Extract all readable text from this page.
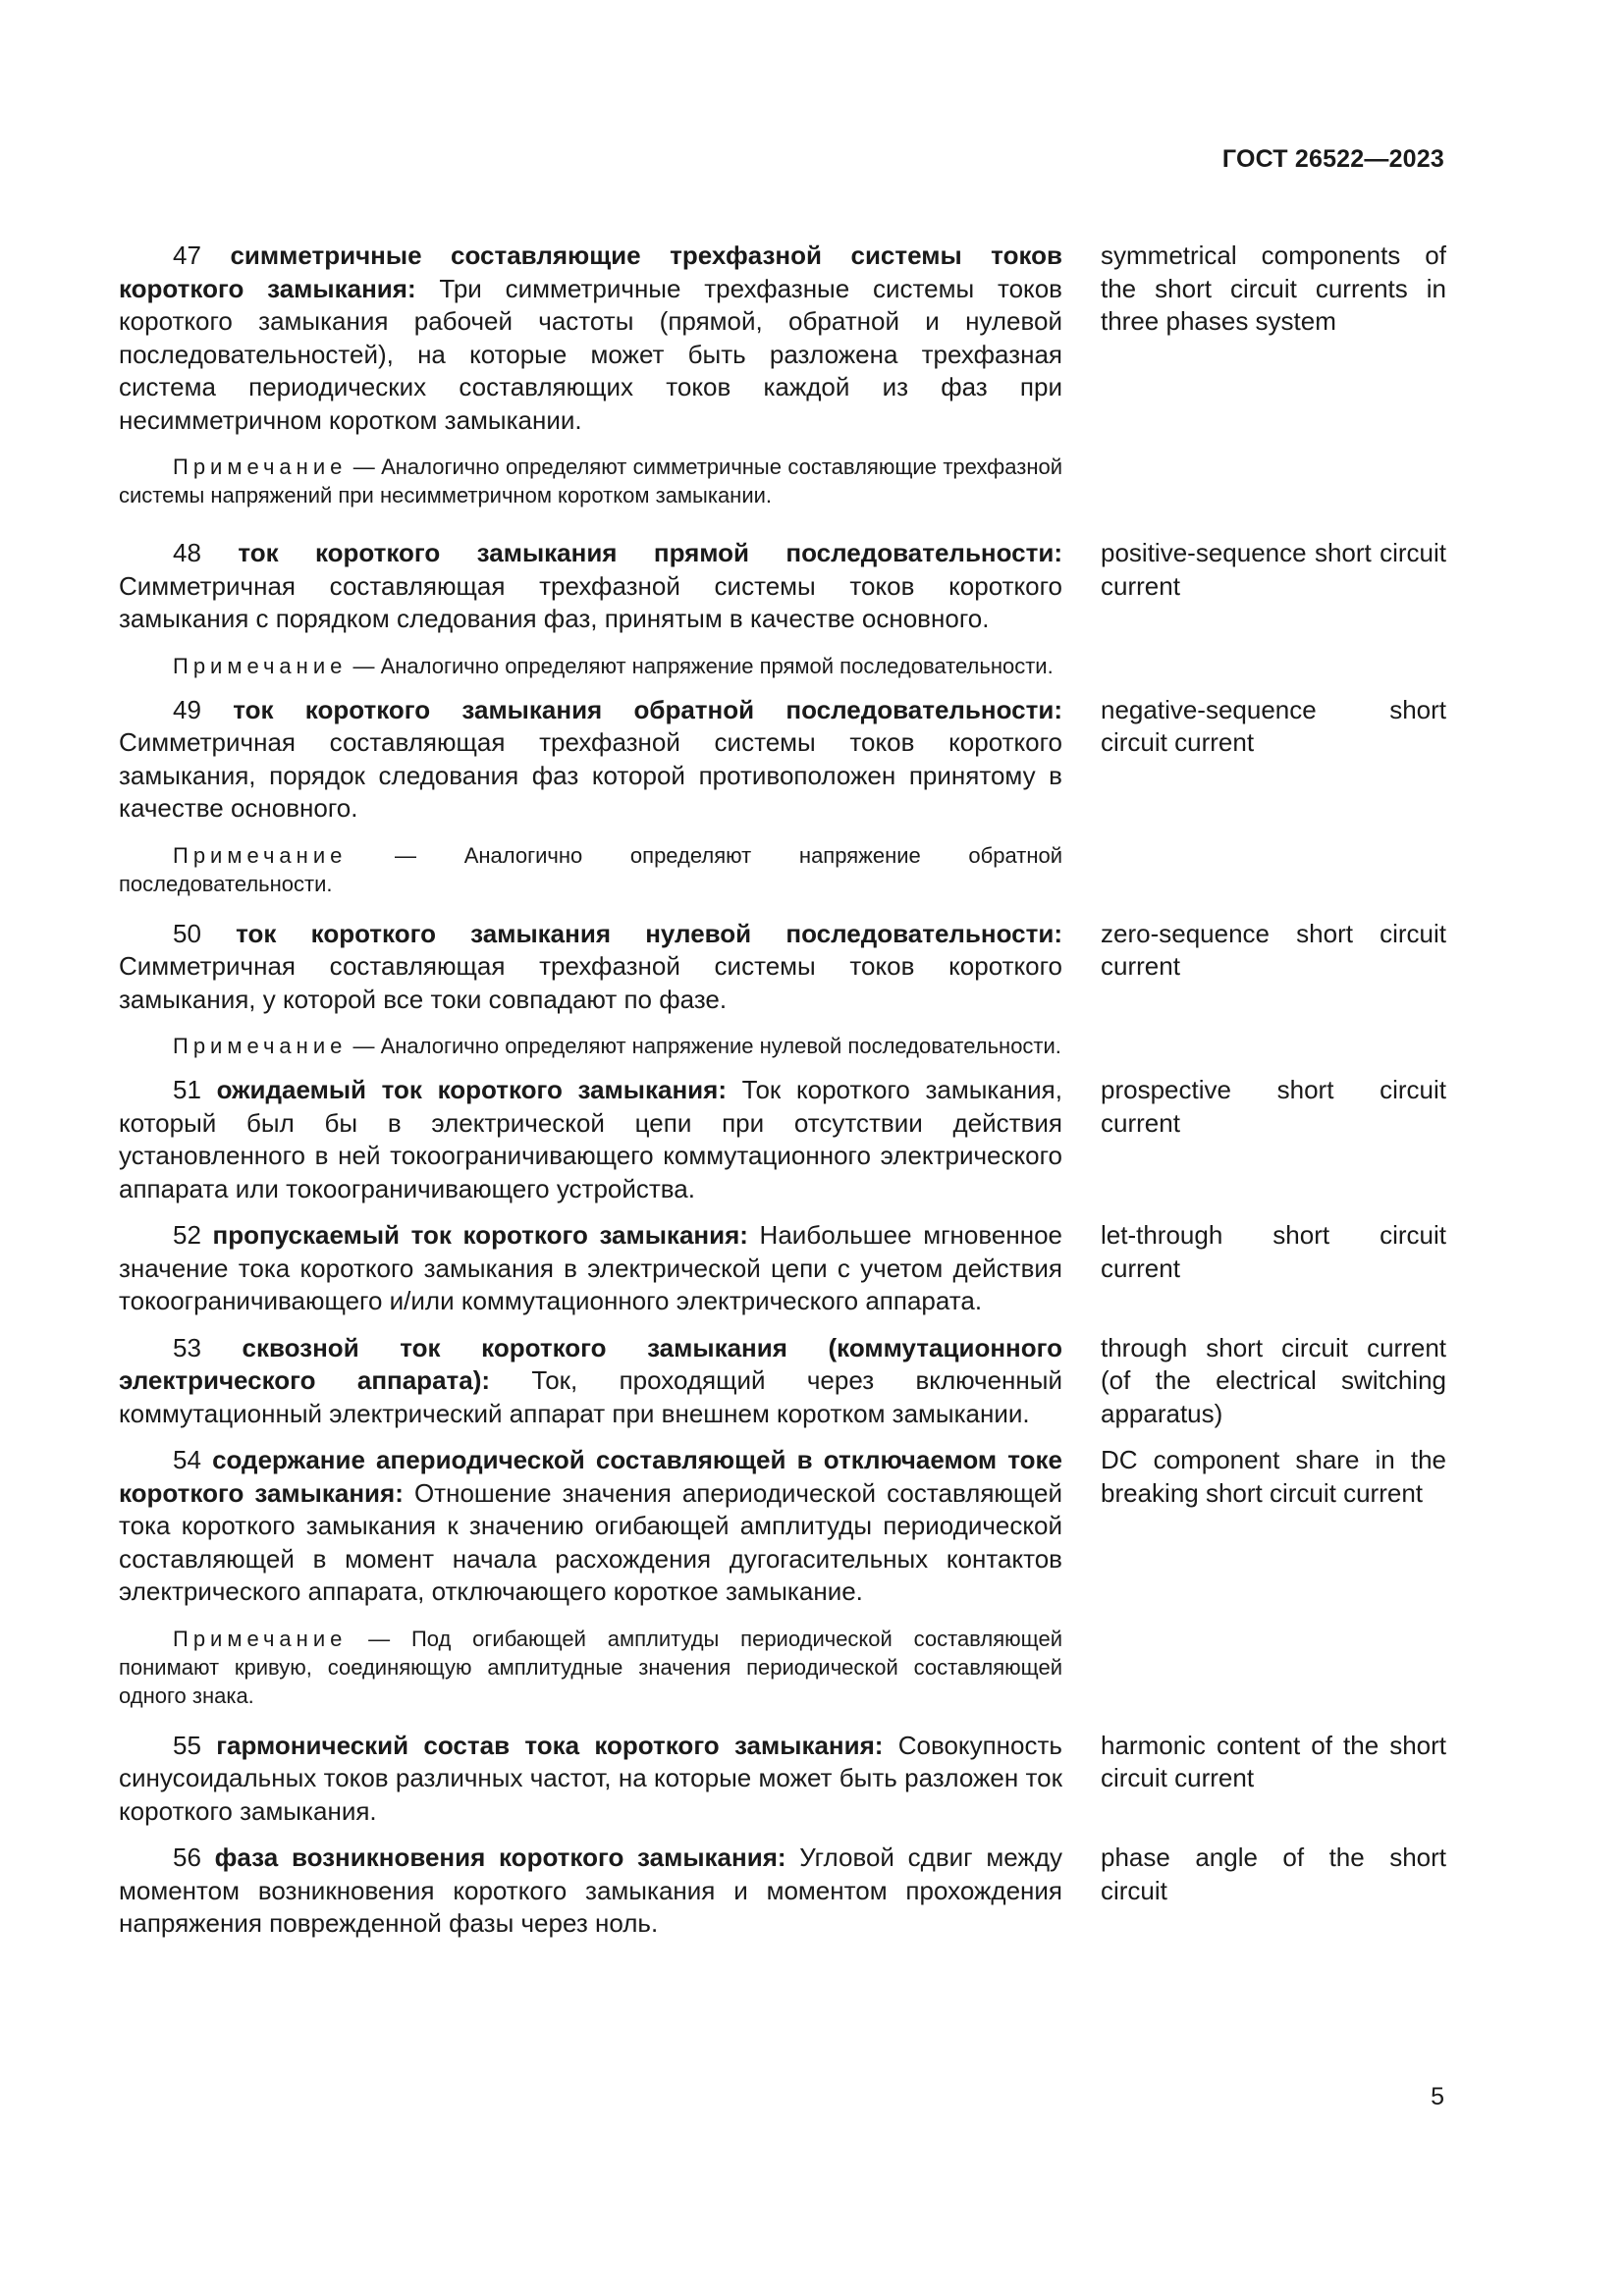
ГОСТ 26522—2023

47 симметричные составляющие трехфазной системы токов короткого замыкания: Три симметричные трехфазные системы токов короткого замыкания рабочей частоты (прямой, обратной и нулевой последовательностей), на которые может быть разложена трехфазная система периодических составляющих токов каждой из фаз при несимметричном коротком замыкании.

Примечание — Аналогично определяют симметричные составляющие трехфазной системы напряжений при несимметричном коротком замыкании.

symmetrical components of the short circuit currents in three phases system

48 ток короткого замыкания прямой последовательности: Симметричная составляющая трехфазной системы токов короткого замыкания с порядком следования фаз, принятым в качестве основного.

Примечание — Аналогично определяют напряжение прямой последовательности.

positive-sequence short circuit current

49 ток короткого замыкания обратной последовательности: Симметричная составляющая трехфазной системы токов короткого замыкания, порядок следования фаз которой противоположен принятому в качестве основного.

Примечание — Аналогично определяют напряжение обратной последовательности.

negative-sequence short circuit current

50 ток короткого замыкания нулевой последовательности: Симметричная составляющая трехфазной системы токов короткого замыкания, у которой все токи совпадают по фазе.

Примечание — Аналогично определяют напряжение нулевой последовательности.

zero-sequence short circuit current

51 ожидаемый ток короткого замыкания: Ток короткого замыкания, который был бы в электрической цепи при отсутствии действия установленного в ней токоограничивающего коммутационного электрического аппарата или токоограничивающего устройства.

prospective short circuit current

52 пропускаемый ток короткого замыкания: Наибольшее мгновенное значение тока короткого замыкания в электрической цепи с учетом действия токоограничивающего и/или коммутационного электрического аппарата.

let-through short circuit current

53 сквозной ток короткого замыкания (коммутационного электрического аппарата): Ток, проходящий через включенный коммутационный электрический аппарат при внешнем коротком замыкании.

through short circuit current (of the electrical switching apparatus)

54 содержание апериодической составляющей в отключаемом токе короткого замыкания: Отношение значения апериодической составляющей тока короткого замыкания к значению огибающей амплитуды периодической составляющей в момент начала расхождения дугогасительных контактов электрического аппарата, отключающего короткое замыкание.

Примечание — Под огибающей амплитуды периодической составляющей понимают кривую, соединяющую амплитудные значения периодической составляющей одного знака.

DC component share in the breaking short circuit current

55 гармонический состав тока короткого замыкания: Совокупность синусоидальных токов различных частот, на которые может быть разложен ток короткого замыкания.

harmonic content of the short circuit current

56 фаза возникновения короткого замыкания: Угловой сдвиг между моментом возникновения короткого замыкания и моментом прохождения напряжения поврежденной фазы через ноль.

phase angle of the short circuit
5
